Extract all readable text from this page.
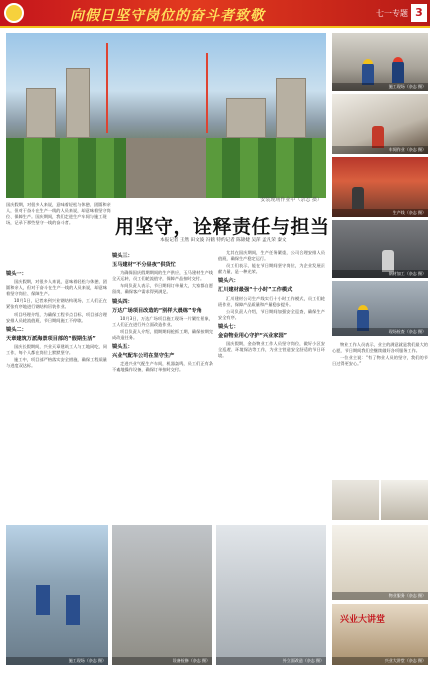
向假日坚守岗位的奋斗者致敬	七一专题 3
安装现场作业中（杂志 摄）
国庆假期，对很多人来说，意味着轻松与休憩、团圆和亲人，但对于奋斗在生产一线的人员来说，却意味着坚守岗位、保障生产。国庆期间，我们走进生产车间与施工现场，记录下那些坚守一线的奋斗者。	用坚守，诠释责任与担当
本报记者 王然 田文波 冯鹤 特约记者 陈锦婕 吴萍 孟凡荣 秦文
镜头一：

国庆假期，对很多人来说，意味着轻松与休憩、团圆和亲人，但对于奋斗在生产一线的人员来说，却意味着坚守岗位、保障生产。

10月1日，记者来到兴业钢结构现场，工人们正在紧张有序地进行钢结构吊装作业。

项目经理介绍，为确保工程节点目标，项目部合理安排人员轮流值班，节日期间施工不停歇。

镜头二：
天章建筑万派海景项目部的“假期生活”

国庆长假期间，兴业天章建筑工人与工地同吃、同工作，每个人都在岗位上默默坚守。

施工中，项目部严格落实安全措施，确保工程质量与进度双达标。

镜头三：
玉马建材“不分昼夜”供货忙

为确保国庆假期期间的生产供应，玉马建材生产线全天运转，员工们轮流值守，保障产品按时交付。

车间负责人表示，节日期间订单量大，大家都自愿留岗，确保客户需求得到满足。

镜头四：
万达广场项目改造的“别样大晨练”专角

10月3日，万达广场项目施工现场一片繁忙景象，工人们正在进行外立面改造作业。

项目负责人介绍，假期期间抢抓工期，确保按期完成改造任务。

镜头五：
兴业气配车公司在坚守生产

走进兴业气配生产车间，机器轰鸣，员工们正有条不紊地操作设备，确保订单按时交付。

尤其在国庆期间，生产任务繁重，公司合理安排人员值班，确保生产稳定运行。

员工们表示，能在节日期间坚守岗位，为企业发展贡献力量，是一种光荣。

镜头六：
汇川建材最强“十小时”工作模式

汇川建材公司生产线实行十小时工作模式，员工们轮班作业，保障产品质量和产量稳步提升。

公司负责人介绍，节日期间加强安全巡查，确保生产安全有序。

镜头七：
金奋物业用心守护“兴业家园”

国庆假期，金奋物业工作人员坚守岗位，做好小区安全巡逻、环境保洁等工作，为业主营造安全舒适的节日环境。

施工现场（杂志 摄）
车间作业（杂志 摄）
生产线（杂志 摄）
钢材加工（杂志 摄）
现场检查（杂志 摄）

物业工作人员表示，业主的满意就是我们最大的心愿，节日期间我们会继续做好各项服务工作。

一位业主说：“有了物业人员的坚守，我们的节日过得更安心。”

施工现场（杂志 摄）	设备检修（杂志 摄）	外立面改造（杂志 摄）
物业服务（杂志 摄）
兴业大讲堂
兴业大讲堂（杂志 摄）
